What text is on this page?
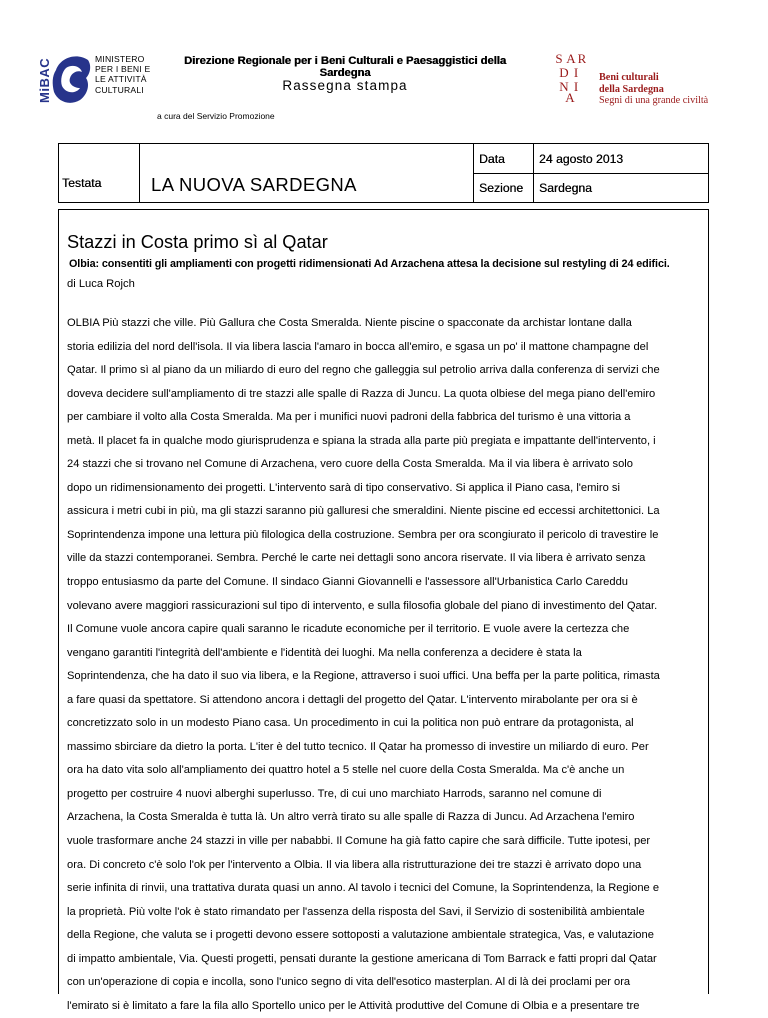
MiBAC	MINISTERO
PER I BENI E
LE ATTIVITÀ
CULTURALI
Direzione Regionale per i Beni Culturali e Paesaggistici della Sardegna
Rassegna stampa
a cura del Servizio Promozione
S A R
D I
N I
A
Beni culturali
della Sardegna
Segni di una grande civiltà
Testata	LA NUOVA SARDEGNA
Data	24 agosto 2013
Sezione Sardegna
Stazzi in Costa primo sì al Qatar
Olbia: consentiti gli ampliamenti con progetti ridimensionati Ad Arzachena attesa la decisione sul restyling di 24 edifici.
di Luca Rojch
OLBIA Più stazzi che ville. Più Gallura che Costa Smeralda. Niente piscine o spacconate da archistar lontane dalla
storia edilizia del nord dell'isola. Il via libera lascia l'amaro in bocca all'emiro, e sgasa un po' il mattone champagne del
Qatar. Il primo sì al piano da un miliardo di euro del regno che galleggia sul petrolio arriva dalla conferenza di servizi che
doveva decidere sull'ampliamento di tre stazzi alle spalle di Razza di Juncu. La quota olbiese del mega piano dell'emiro
per cambiare il volto alla Costa Smeralda. Ma per i munifici nuovi padroni della fabbrica del turismo è una vittoria a
metà. Il placet fa in qualche modo giurisprudenza e spiana la strada alla parte più pregiata e impattante dell'intervento, i
24 stazzi che si trovano nel Comune di Arzachena, vero cuore della Costa Smeralda. Ma il via libera è arrivato solo
dopo un ridimensionamento dei progetti. L'intervento sarà di tipo conservativo. Si applica il Piano casa, l'emiro si
assicura i metri cubi in più, ma gli stazzi saranno più galluresi che smeraldini. Niente piscine ed eccessi architettonici. La
Soprintendenza impone una lettura più filologica della costruzione. Sembra per ora scongiurato il pericolo di travestire le
ville da stazzi contemporanei. Sembra. Perché le carte nei dettagli sono ancora riservate. Il via libera è arrivato senza
troppo entusiasmo da parte del Comune. Il sindaco Gianni Giovannelli e l'assessore all'Urbanistica Carlo Careddu
volevano avere maggiori rassicurazioni sul tipo di intervento, e sulla filosofia globale del piano di investimento del Qatar.
Il Comune vuole ancora capire quali saranno le ricadute economiche per il territorio. E vuole avere la certezza che
vengano garantiti l'integrità dell'ambiente e l'identità dei luoghi. Ma nella conferenza a decidere è stata la
Soprintendenza, che ha dato il suo via libera, e la Regione, attraverso i suoi uffici. Una beffa per la parte politica, rimasta
a fare quasi da spettatore. Si attendono ancora i dettagli del progetto del Qatar. L'intervento mirabolante per ora si è
concretizzato solo in un modesto Piano casa. Un procedimento in cui la politica non può entrare da protagonista, al
massimo sbirciare da dietro la porta. L'iter è del tutto tecnico. Il Qatar ha promesso di investire un miliardo di euro. Per
ora ha dato vita solo all'ampliamento dei quattro hotel a 5 stelle nel cuore della Costa Smeralda. Ma c'è anche un
progetto per costruire 4 nuovi alberghi superlusso. Tre, di cui uno marchiato Harrods, saranno nel comune di
Arzachena, la Costa Smeralda è tutta là. Un altro verrà tirato su alle spalle di Razza di Juncu. Ad Arzachena l'emiro
vuole trasformare anche 24 stazzi in ville per nababbi. Il Comune ha già fatto capire che sarà difficile. Tutte ipotesi, per
ora. Di concreto c'è solo l'ok per l'intervento a Olbia. Il via libera alla ristrutturazione dei tre stazzi è arrivato dopo una
serie infinita di rinvii, una trattativa durata quasi un anno. Al tavolo i tecnici del Comune, la Soprintendenza, la Regione e
la proprietà. Più volte l'ok è stato rimandato per l'assenza della risposta del Savi, il Servizio di sostenibilità ambientale
della Regione, che valuta se i progetti devono essere sottoposti a valutazione ambientale strategica, Vas, e valutazione
di impatto ambientale, Via. Questi progetti, pensati durante la gestione americana di Tom Barrack e fatti propri dal Qatar
con un'operazione di copia e incolla, sono l'unico segno di vita dell'esotico masterplan. Al di là dei proclami per ora
l'emirato si è limitato a fare la fila allo Sportello unico per le Attività produttive del Comune di Olbia e a presentare tre
